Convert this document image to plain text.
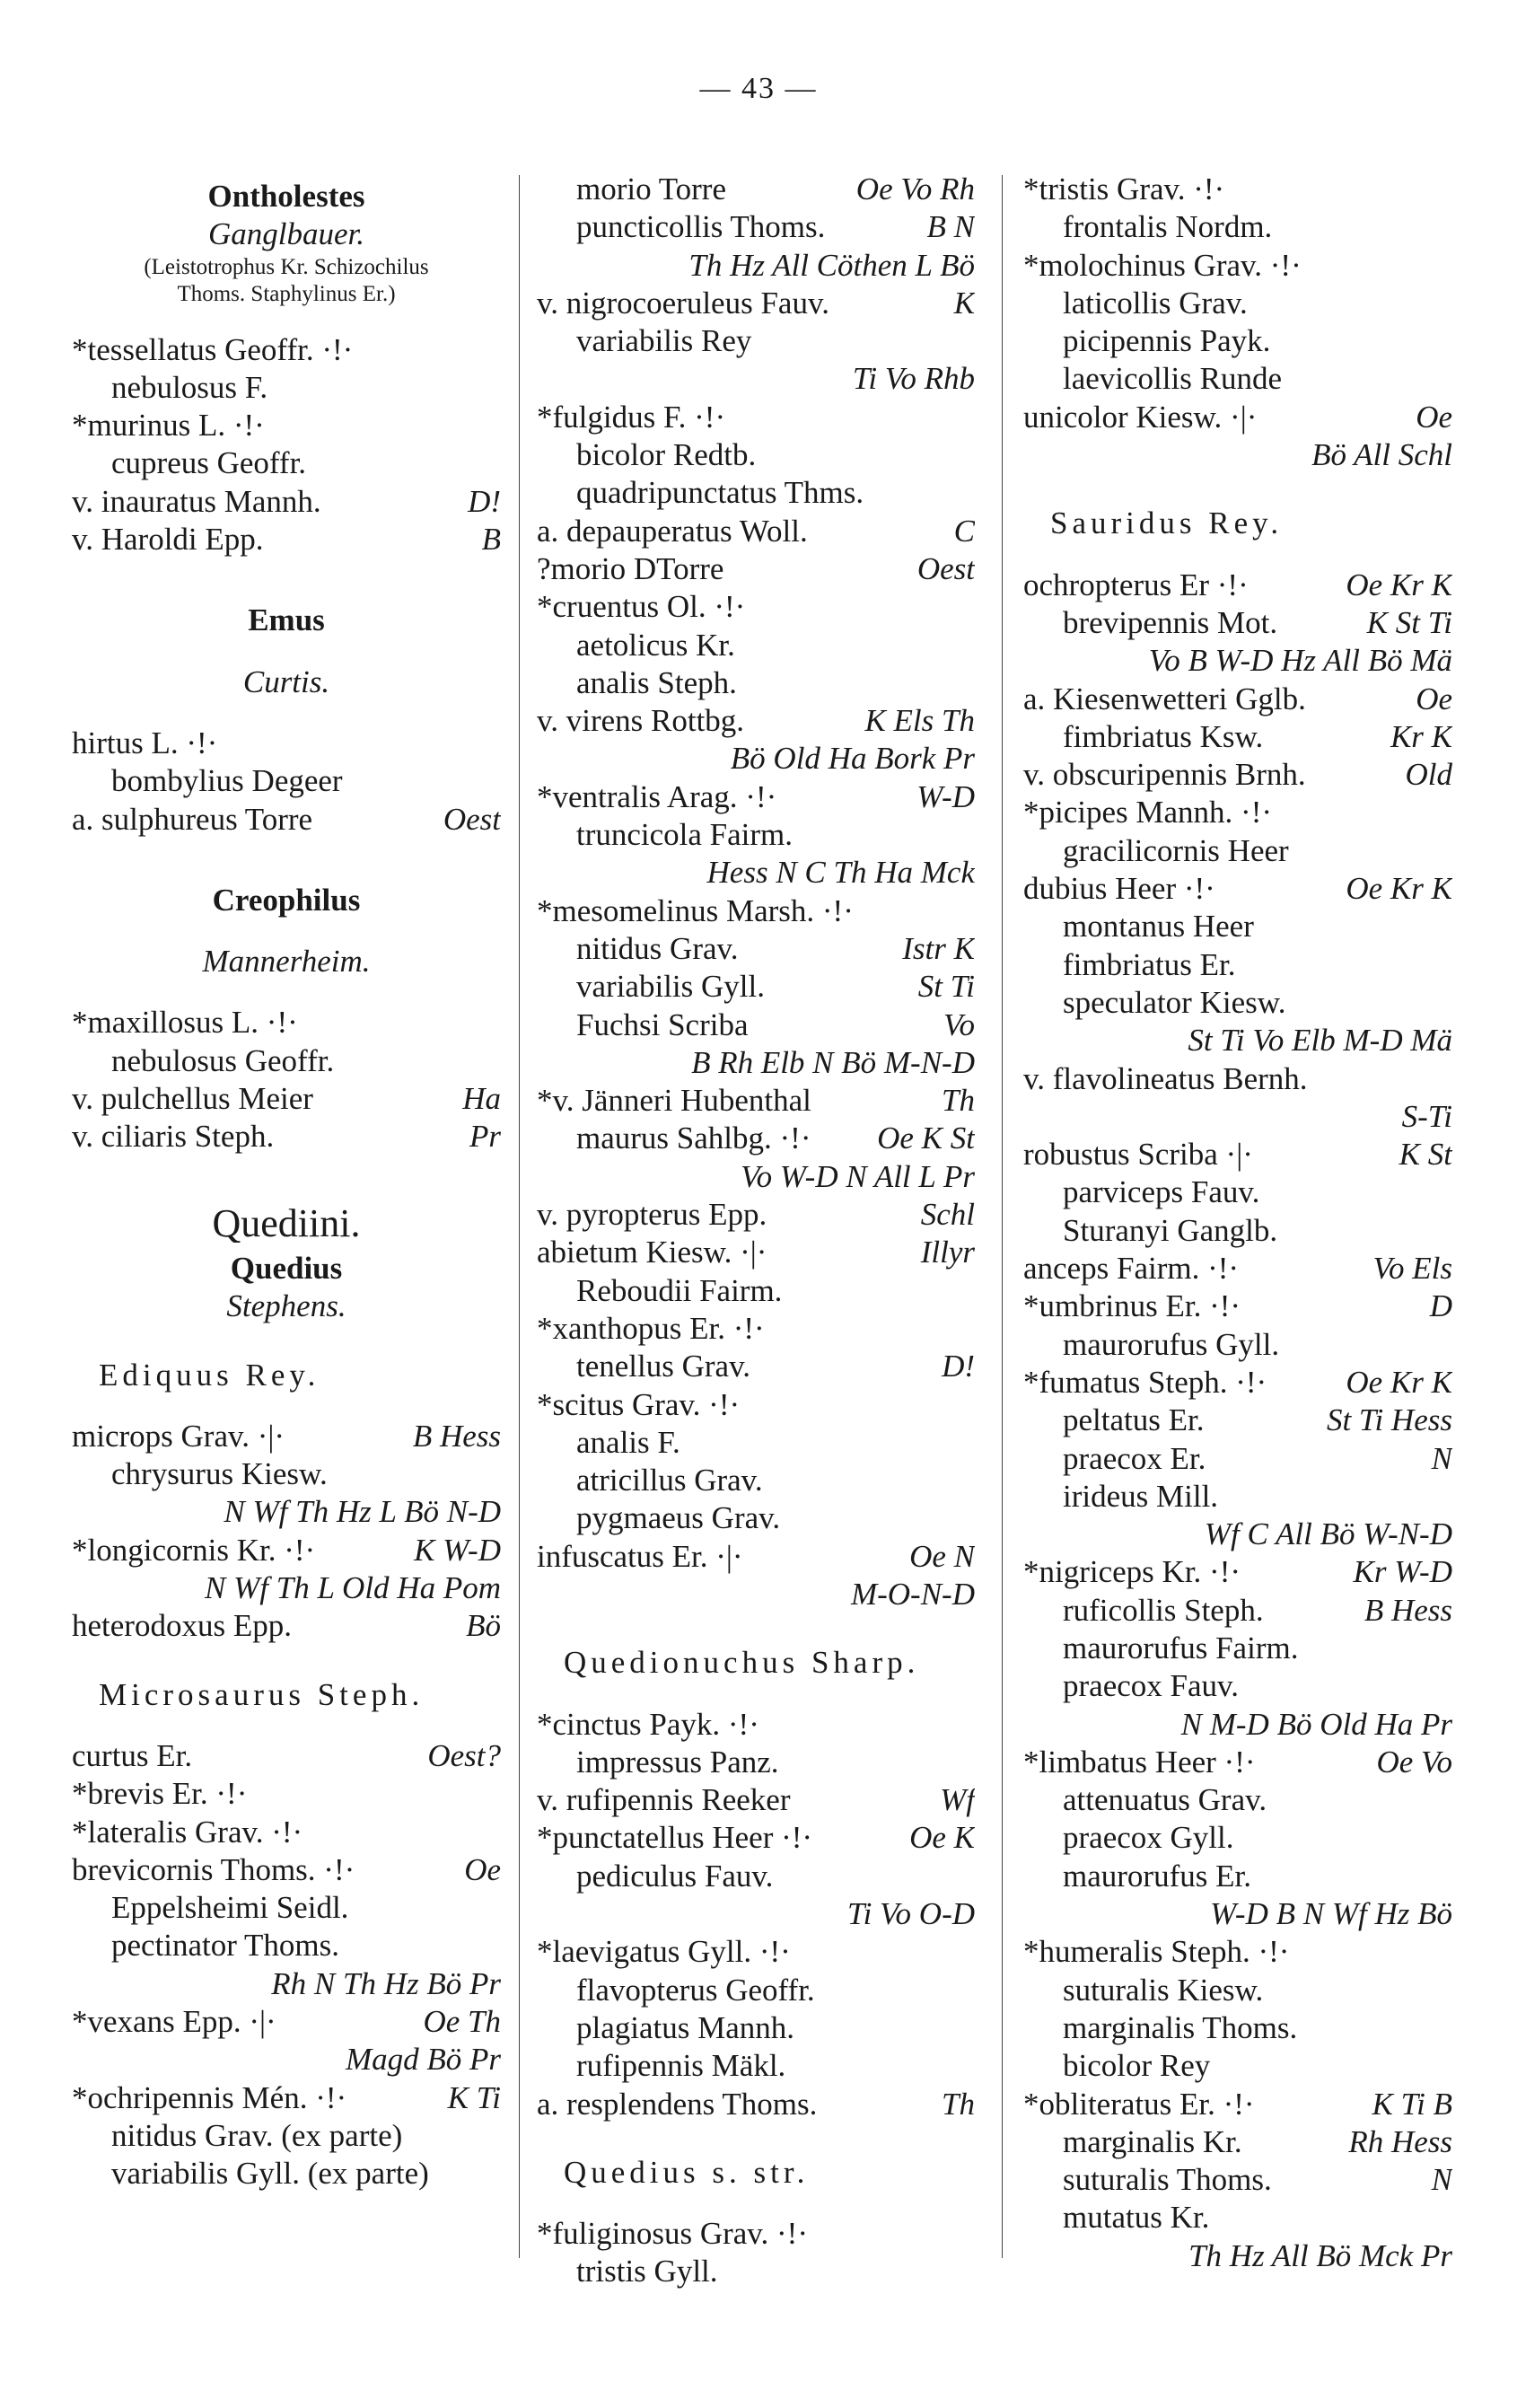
— 43 —
Ontholestes
Ganglbauer.
(Leistotrophus Kr. Schizochilus
Thoms. Staphylinus Er.)
*tessellatus Geoffr. ·!·
nebulosus F.
*murinus L. ·!·
cupreus Geoffr.
v. inauratus Mannh.	D!
v. Haroldi Epp.	B
Emus
Curtis.
hirtus L. ·!·
bombylius Degeer
a. sulphureus Torre	Oest
Creophilus
Mannerheim.
*maxillosus L. ·!·
nebulosus Geoffr.
v. pulchellus Meier	Ha
v. ciliaris Steph.	Pr
Quediini.
Quedius
Stephens.
Ediquus Rey.
microps Grav. ·|·	B Hess
chrysurus Kiesw.
N Wf Th Hz L Bö N-D
*longicornis Kr. ·!·	K W-D
N Wf Th L Old Ha Pom
heterodoxus Epp.	Bö
Microsaurus Steph.
curtus Er.	Oest?
*brevis Er. ·!·
*lateralis Grav. ·!·
brevicornis Thoms. ·!·	Oe
Eppelsheimi Seidl.
pectinator Thoms.
Rh N Th Hz Bö Pr
*vexans Epp. ·|·	Oe Th
Magd Bö Pr
*ochripennis Mén. ·!·	K Ti
nitidus Grav. (ex parte)
variabilis Gyll. (ex parte)
morio Torre	Oe Vo Rh
puncticollis Thoms.	B N
Th Hz All Cöthen L Bö
v. nigrocoeruleus Fauv.	K
variabilis Rey
Ti Vo Rhb
*fulgidus F. ·!·
bicolor Redtb.
quadripunctatus Thms.
a. depauperatus Woll.	C
?morio DTorre	Oest
*cruentus Ol. ·!·
aetolicus Kr.
analis Steph.
v. virens Rottbg.	K Els Th
Bö Old Ha Bork Pr
*ventralis Arag. ·!·	W-D
truncicola Fairm.
Hess N C Th Ha Mck
*mesomelinus Marsh. ·!·
nitidus Grav.	Istr K
variabilis Gyll.	St Ti
Fuchsi Scriba	Vo
B Rh Elb N Bö M-N-D
*v. Jänneri Hubenthal	Th
maurus Sahlbg. ·!· Oe K St
Vo W-D N All L Pr
v. pyropterus Epp.	Schl
abietum Kiesw. ·|·	Illyr
Reboudii Fairm.
*xanthopus Er. ·!·
tenellus Grav.	D!
*scitus Grav. ·!·
analis F.
atricillus Grav.
pygmaeus Grav.
infuscatus Er. ·|·	Oe N
M-O-N-D
Quedionuchus Sharp.
*cinctus Payk. ·!·
impressus Panz.
v. rufipennis Reeker	Wf
*punctatellus Heer ·!·	Oe K
pediculus Fauv.
Ti Vo O-D
*laevigatus Gyll. ·!·
flavopterus Geoffr.
plagiatus Mannh.
rufipennis Mäkl.
a. resplendens Thoms.	Th
Quedius s. str.
*fuliginosus Grav. ·!·
tristis Gyll.
*tristis Grav. ·!·
frontalis Nordm.
*molochinus Grav. ·!·
laticollis Grav.
picipennis Payk.
laevicollis Runde
unicolor Kiesw. ·|·	Oe
Bö All Schl
Sauridus Rey.
ochropterus Er ·!·	Oe Kr K
brevipennis Mot.	K St Ti
Vo B W-D Hz All Bö Mä
a. Kiesenwetteri Gglb.	Oe
fimbriatus Ksw.	Kr K
v. obscuripennis Brnh.	Old
*picipes Mannh. ·!·
gracilicornis Heer
dubius Heer ·!·	Oe Kr K
montanus Heer
fimbriatus Er.
speculator Kiesw.
St Ti Vo Elb M-D Mä
v. flavolineatus Bernh.
S-Ti
robustus Scriba ·|·	K St
parviceps Fauv.
Sturanyi Ganglb.
anceps Fairm. ·!·	Vo Els
*umbrinus Er. ·!·	D
maurorufus Gyll.
*fumatus Steph. ·!·	Oe Kr K
peltatus Er.	St Ti Hess
praecox Er.	N
irideus Mill.
Wf C All Bö W-N-D
*nigriceps Kr. ·!·	Kr W-D
ruficollis Steph.	B Hess
maurorufus Fairm.
praecox Fauv.
N M-D Bö Old Ha Pr
*limbatus Heer ·!·	Oe Vo
attenuatus Grav.
praecox Gyll.
maurorufus Er.
W-D B N Wf Hz Bö
*humeralis Steph. ·!·
suturalis Kiesw.
marginalis Thoms.
bicolor Rey
*obliteratus Er. ·!·	K Ti B
marginalis Kr.	Rh Hess
suturalis Thoms.	N
mutatus Kr.
Th Hz All Bö Mck Pr
